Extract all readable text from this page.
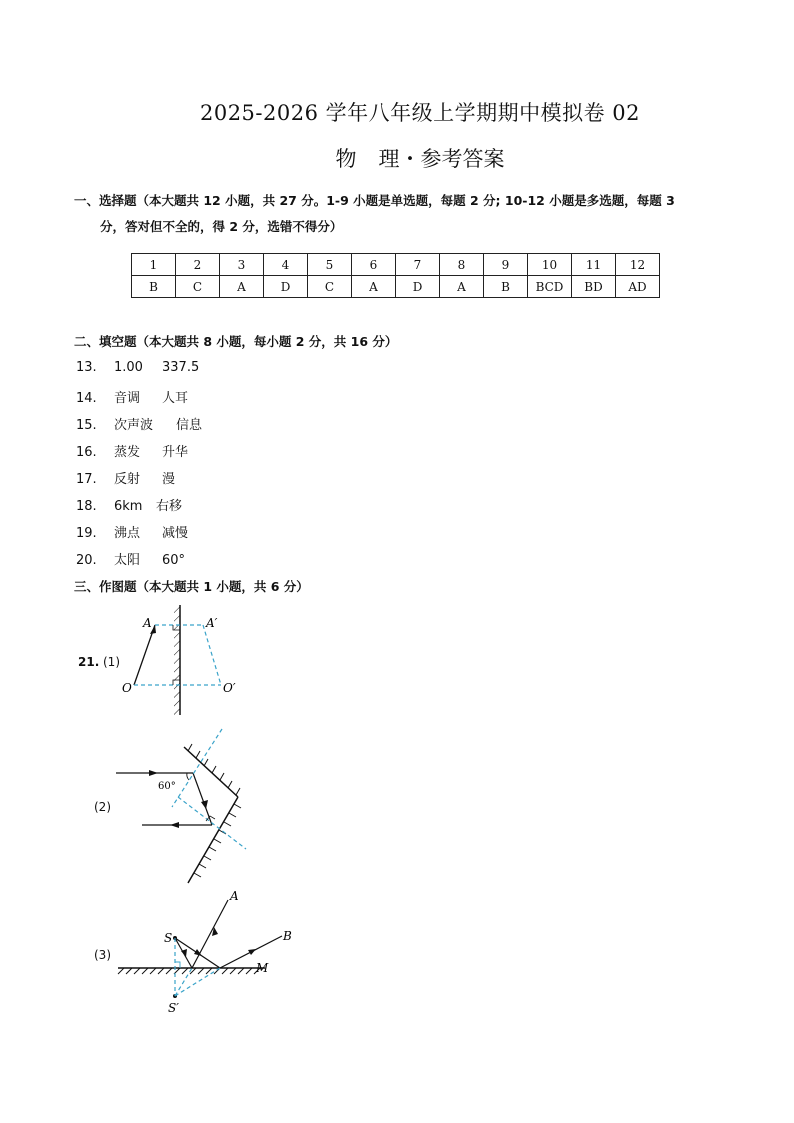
2025-2026 学年八年级上学期期中模拟卷 02
物 理・参考答案
一、选择题（本大题共 12 小题，共 27 分。1-9 小题是单选题，每题 2 分; 10-12 小题是多选题，每题 3
分，答对但不全的，得 2 分，选错不得分）
1	2	3	4	5	6	7	8	9	10	11	12
B	C	A	D	C	A	D	A	B	BCD	BD	AD
二、填空题（本大题共 8 小题，每小题 2 分，共 16 分）
13. 1.00 337.5
14. 音调 人耳
15. 次声波 信息
16. 蒸发 升华
17. 反射 漫
18. 6km 右移
19. 沸点 减慢
20. 太阳 60°
三、作图题（本大题共 1 小题，共 6 分）
21. (1)
(2)
(3)
A	A′
O	O′
60°
S
A
B
M
S′
